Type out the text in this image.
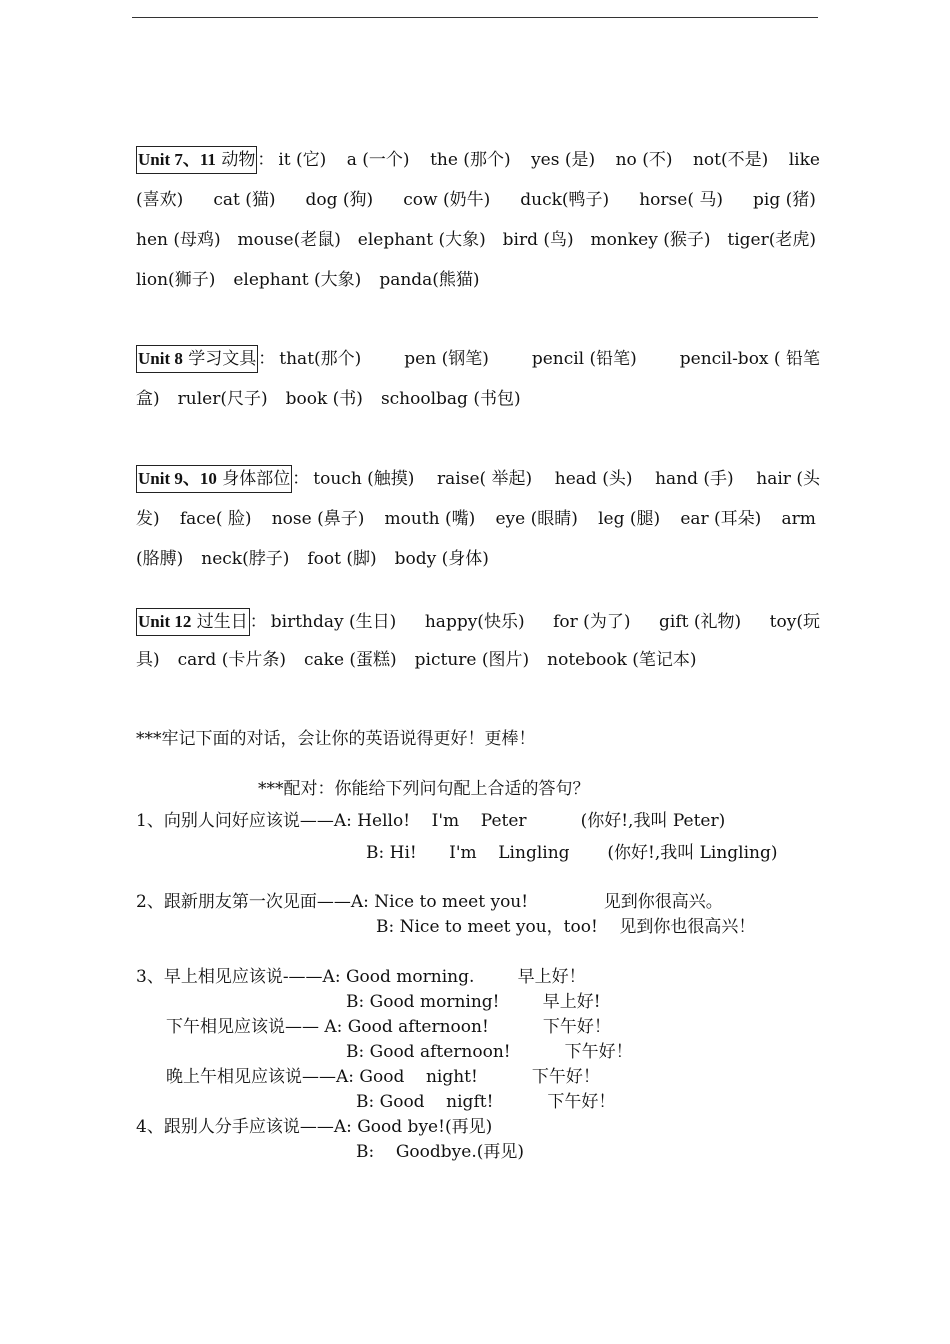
Unit 7、11 动物 ： it (它) a (一个) the (那个) yes (是) no (不) not(不是) like
(喜欢) cat (猫) dog (狗) cow (奶牛) duck(鸭子) horse( 马) pig (猪)
hen (母鸡) mouse(老鼠) elephant (大象) bird (鸟) monkey (猴子) tiger(老虎)
lion(狮子) elephant (大象) panda(熊猫)
Unit 8 学习文具 ： that(那个)	pen (钢笔)	pencil (铅笔)	pencil-box ( 铅笔
盒) ruler(尺子) book (书) schoolbag (书包)
Unit 9、10 身体部位 ： touch (触摸) raise( 举起) head (头) hand (手) hair (头
发) face( 脸) nose (鼻子) mouth (嘴) eye (眼睛) leg (腿) ear (耳朵) arm
(胳膊) neck(脖子) foot (脚) body (身体)
Unit 12 过生日 ： birthday (生日) happy(快乐) for (为了) gift (礼物) toy(玩
具) card (卡片条) cake (蛋糕) picture (图片) notebook (笔记本)
***牢记下面的对话，会让你的英语说得更好！更棒！
***配对：你能给下列问句配上合适的答句？
1、向别人问好应该说——A: Hello!    I'm    Peter          (你好!,我叫 Peter)
B: Hi!      I'm    Lingling       (你好!,我叫 Lingling)
2、跟新朋友第一次见面——A: Nice to meet you!              见到你很高兴。
B: Nice to meet you，too!    见到你也很高兴！
3、早上相见应该说-——A: Good morning.        早上好！
B: Good morning!        早上好!
下午相见应该说—— A: Good afternoon!          下午好！
B: Good afternoon!          下午好！
晚上午相见应该说——A: Good    night!          下午好！
B: Good    nigft!          下午好！
4、跟别人分手应该说——A: Good bye!(再见)
B:    Goodbye.(再见)
